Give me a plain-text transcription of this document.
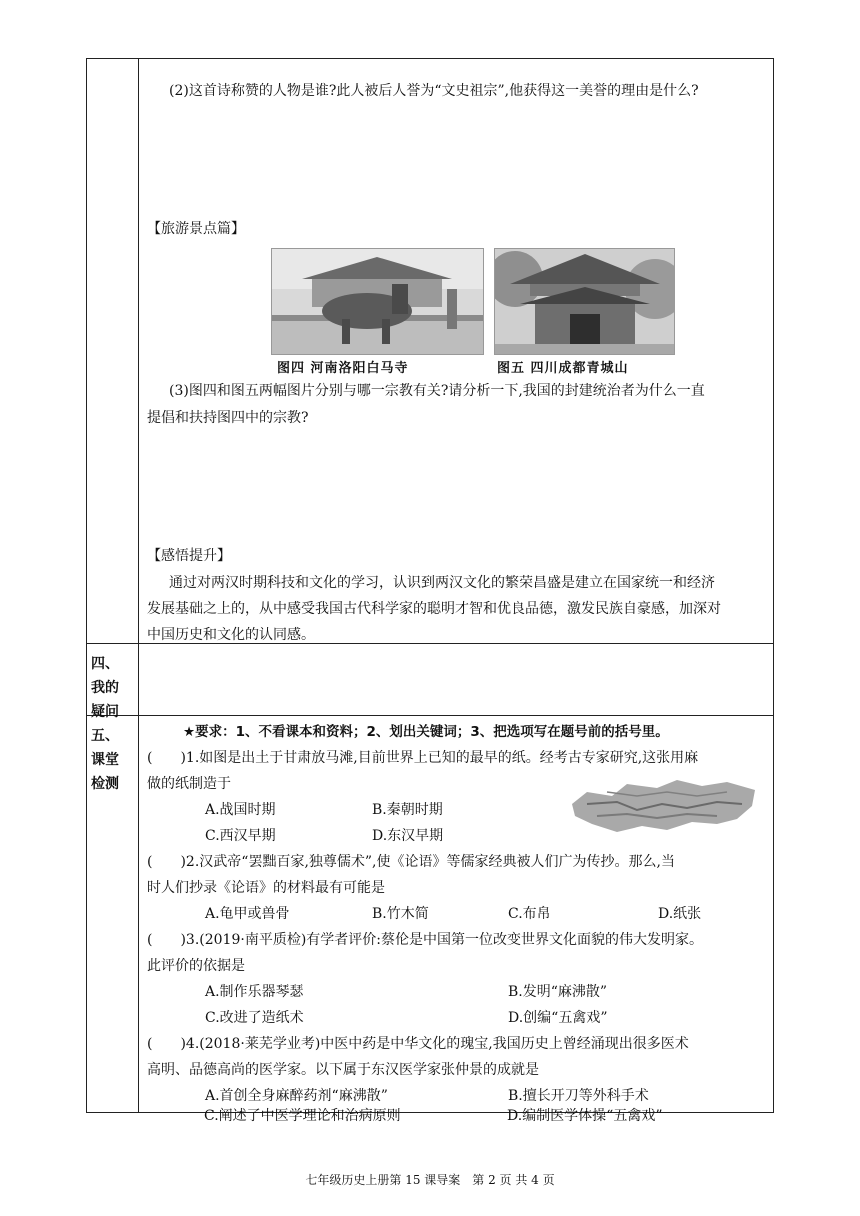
(2)这首诗称赞的人物是谁?此人被后人誉为“文史祖宗”,他获得这一美誉的理由是什么?
【旅游景点篇】
图四 河南洛阳白马寺	图五 四川成都青城山
(3)图四和图五两幅图片分别与哪一宗教有关?请分析一下,我国的封建统治者为什么一直
提倡和扶持图四中的宗教?
【感悟提升】
通过对两汉时期科技和文化的学习，认识到两汉文化的繁荣昌盛是建立在国家统一和经济
发展基础之上的，从中感受我国古代科学家的聪明才智和优良品德，激发民族自豪感，加深对
中国历史和文化的认同感。
四、
我的
疑问
五、
课堂
检测
★要求：1、不看课本和资料；2、划出关键词；3、把选项写在题号前的括号里。
(　　)1.如图是出土于甘肃放马滩,目前世界上已知的最早的纸。经考古专家研究,这张用麻
做的纸制造于
A.战国时期	B.秦朝时期
C.西汉早期	D.东汉早期
(　　)2.汉武帝“罢黜百家,独尊儒术”,使《论语》等儒家经典被人们广为传抄。那么,当
时人们抄录《论语》的材料最有可能是
A.龟甲或兽骨	B.竹木简	C.布帛	D.纸张
(　　)3.(2019·南平质检)有学者评价:蔡伦是中国第一位改变世界文化面貌的伟大发明家。
此评价的依据是
A.制作乐器琴瑟	B.发明“麻沸散”
C.改进了造纸术	D.创编“五禽戏”
(　　)4.(2018·莱芜学业考)中医中药是中华文化的瑰宝,我国历史上曾经涌现出很多医术
高明、品德高尚的医学家。以下属于东汉医学家张仲景的成就是
A.首创全身麻醉药剂“麻沸散”	B.擅长开刀等外科手术
C.阐述了中医学理论和治病原则	D.编制医学体操“五禽戏”
七年级历史上册第 15 课导案　第 2 页 共 4 页
